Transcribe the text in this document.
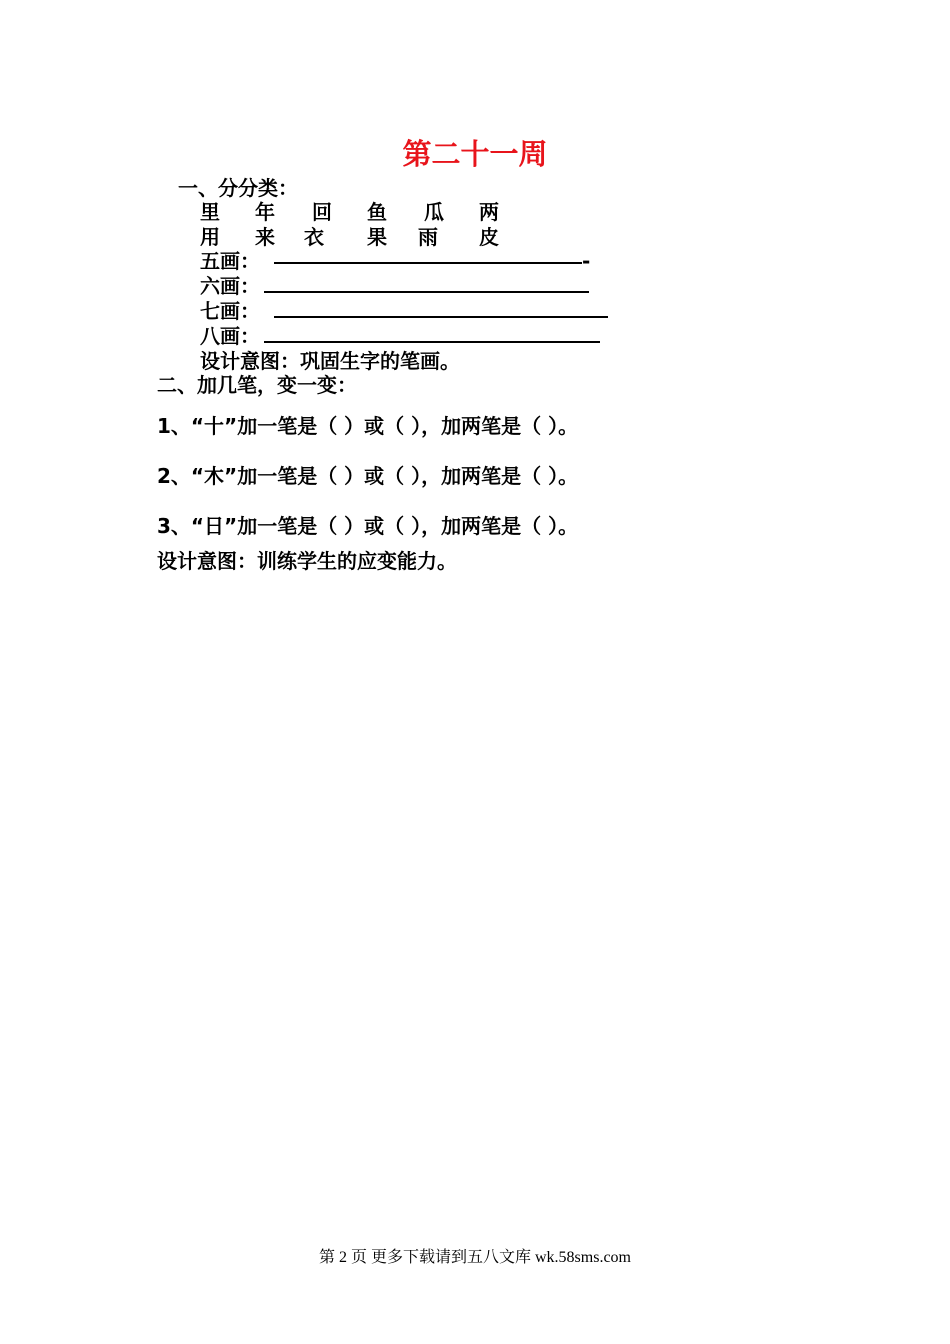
第二十一周
一、分分类：
里 年 回 鱼 瓜 两
用 来 衣 果 雨 皮
五画：	-
六画：
七画：
八画：
设计意图：巩固生字的笔画。
二、加几笔，变一变：
1、“十”加一笔是（ ）或（ ），加两笔是（ ）。
2、“木”加一笔是（ ）或（ ），加两笔是（ ）。
3、“日”加一笔是（ ）或（ ），加两笔是（ ）。
设计意图：训练学生的应变能力。
第 2 页 更多下载请到五八文库 wk.58sms.com
